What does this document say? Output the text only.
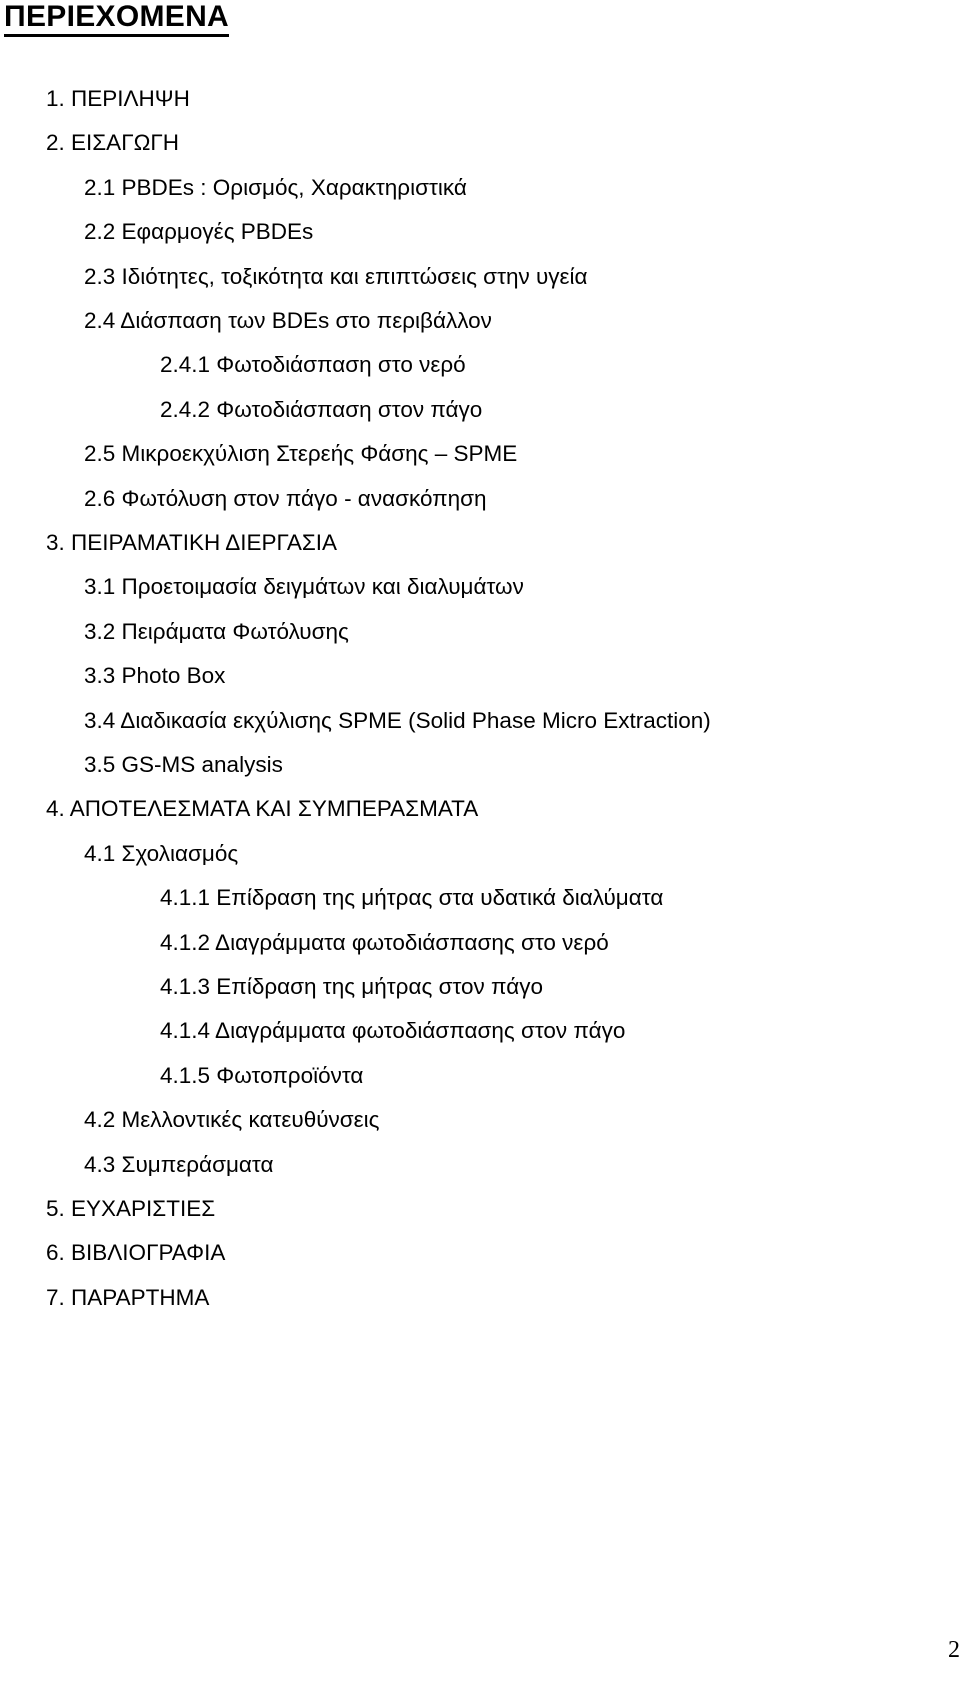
ΠΕΡΙΕΧΟΜΕΝΑ
1. ΠΕΡΙΛΗΨΗ
2. ΕΙΣΑΓΩΓΗ
2.1 PBDEs : Ορισμός, Χαρακτηριστικά
2.2 Εφαρμογές PBDEs
2.3 Ιδιότητες, τοξικότητα και επιπτώσεις στην υγεία
2.4 Διάσπαση των BDEs στο περιβάλλον
2.4.1 Φωτοδιάσπαση στο νερό
2.4.2 Φωτοδιάσπαση στον πάγο
2.5 Μικροεκχύλιση Στερεής Φάσης – SPME
2.6 Φωτόλυση στον πάγο - ανασκόπηση
3. ΠΕΙΡΑΜΑΤΙΚΗ ΔΙΕΡΓΑΣΙΑ
3.1 Προετοιμασία δειγμάτων και διαλυμάτων
3.2 Πειράματα Φωτόλυσης
3.3 Photo Box
3.4 Διαδικασία εκχύλισης SPME (Solid Phase Micro Extraction)
3.5 GS-MS analysis
4. ΑΠΟΤΕΛΕΣΜΑΤΑ ΚΑΙ ΣΥΜΠΕΡΑΣΜΑΤΑ
4.1 Σχολιασμός
4.1.1 Επίδραση της μήτρας στα υδατικά διαλύματα
4.1.2 Διαγράμματα φωτοδιάσπασης στο νερό
4.1.3 Επίδραση της μήτρας στον πάγο
4.1.4 Διαγράμματα φωτοδιάσπασης στον πάγο
4.1.5 Φωτοπροϊόντα
4.2 Μελλοντικές κατευθύνσεις
4.3 Συμπεράσματα
5. ΕΥΧΑΡΙΣΤΙΕΣ
6. ΒΙΒΛΙΟΓΡΑΦΙΑ
7. ΠΑΡΑΡΤΗΜΑ
2
